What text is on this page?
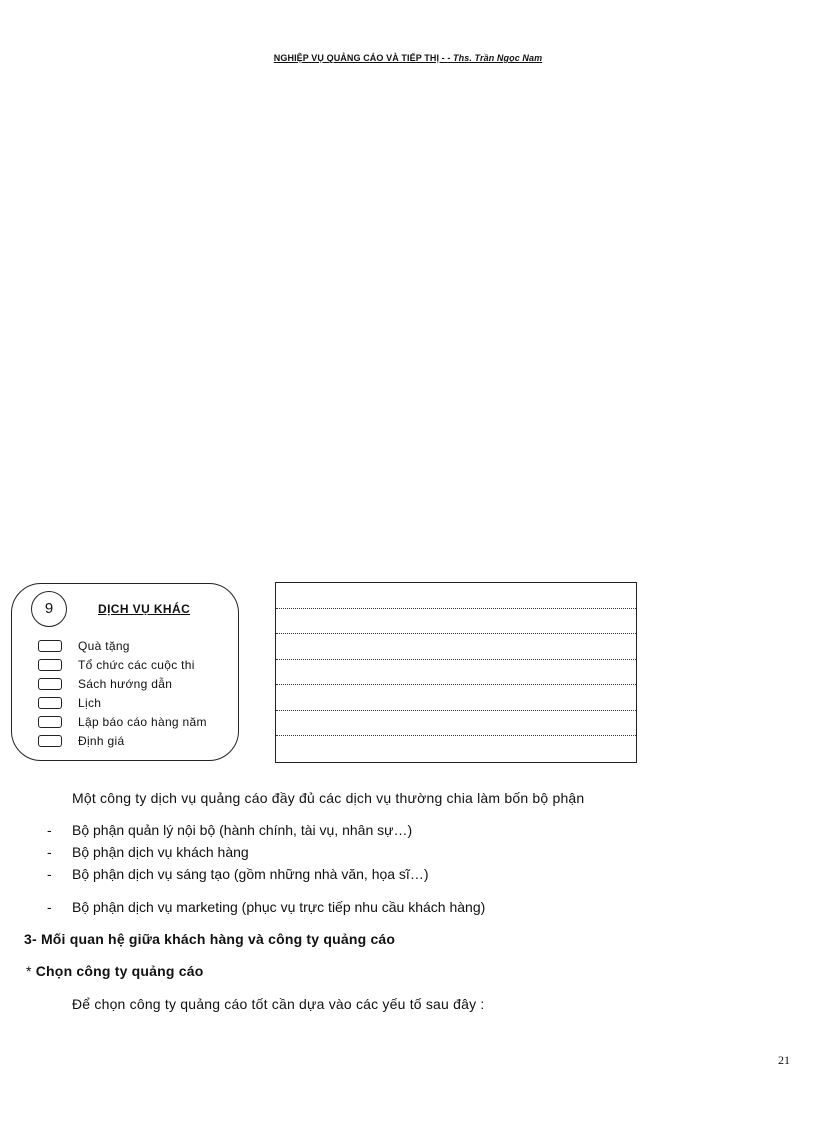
NGHIỆP VỤ QUẢNG CÁO VÀ TIẾP THỊ - - Ths. Trần Ngọc Nam
9	DỊCH VỤ KHÁC
Quà tặng
Tổ chức các cuộc thi
Sách hướng dẫn
Lịch
Lập báo cáo hàng năm
Định giá
Một công ty dịch vụ quảng cáo đầy đủ các dịch vụ thường chia làm bốn bộ phận
- Bộ phận quản lý nội bộ (hành chính, tài vụ, nhân sự…)
- Bộ phận dịch vụ khách hàng
- Bộ phận dịch vụ sáng tạo (gồm những nhà văn, họa sĩ…)
- Bộ phận dịch vụ marketing (phục vụ trực tiếp nhu cầu khách hàng)
3- Mối quan hệ giữa khách hàng và công ty quảng cáo
* Chọn công ty quảng cáo
Để chọn công ty quảng cáo tốt cần dựa vào các yếu tố sau đây :
21
